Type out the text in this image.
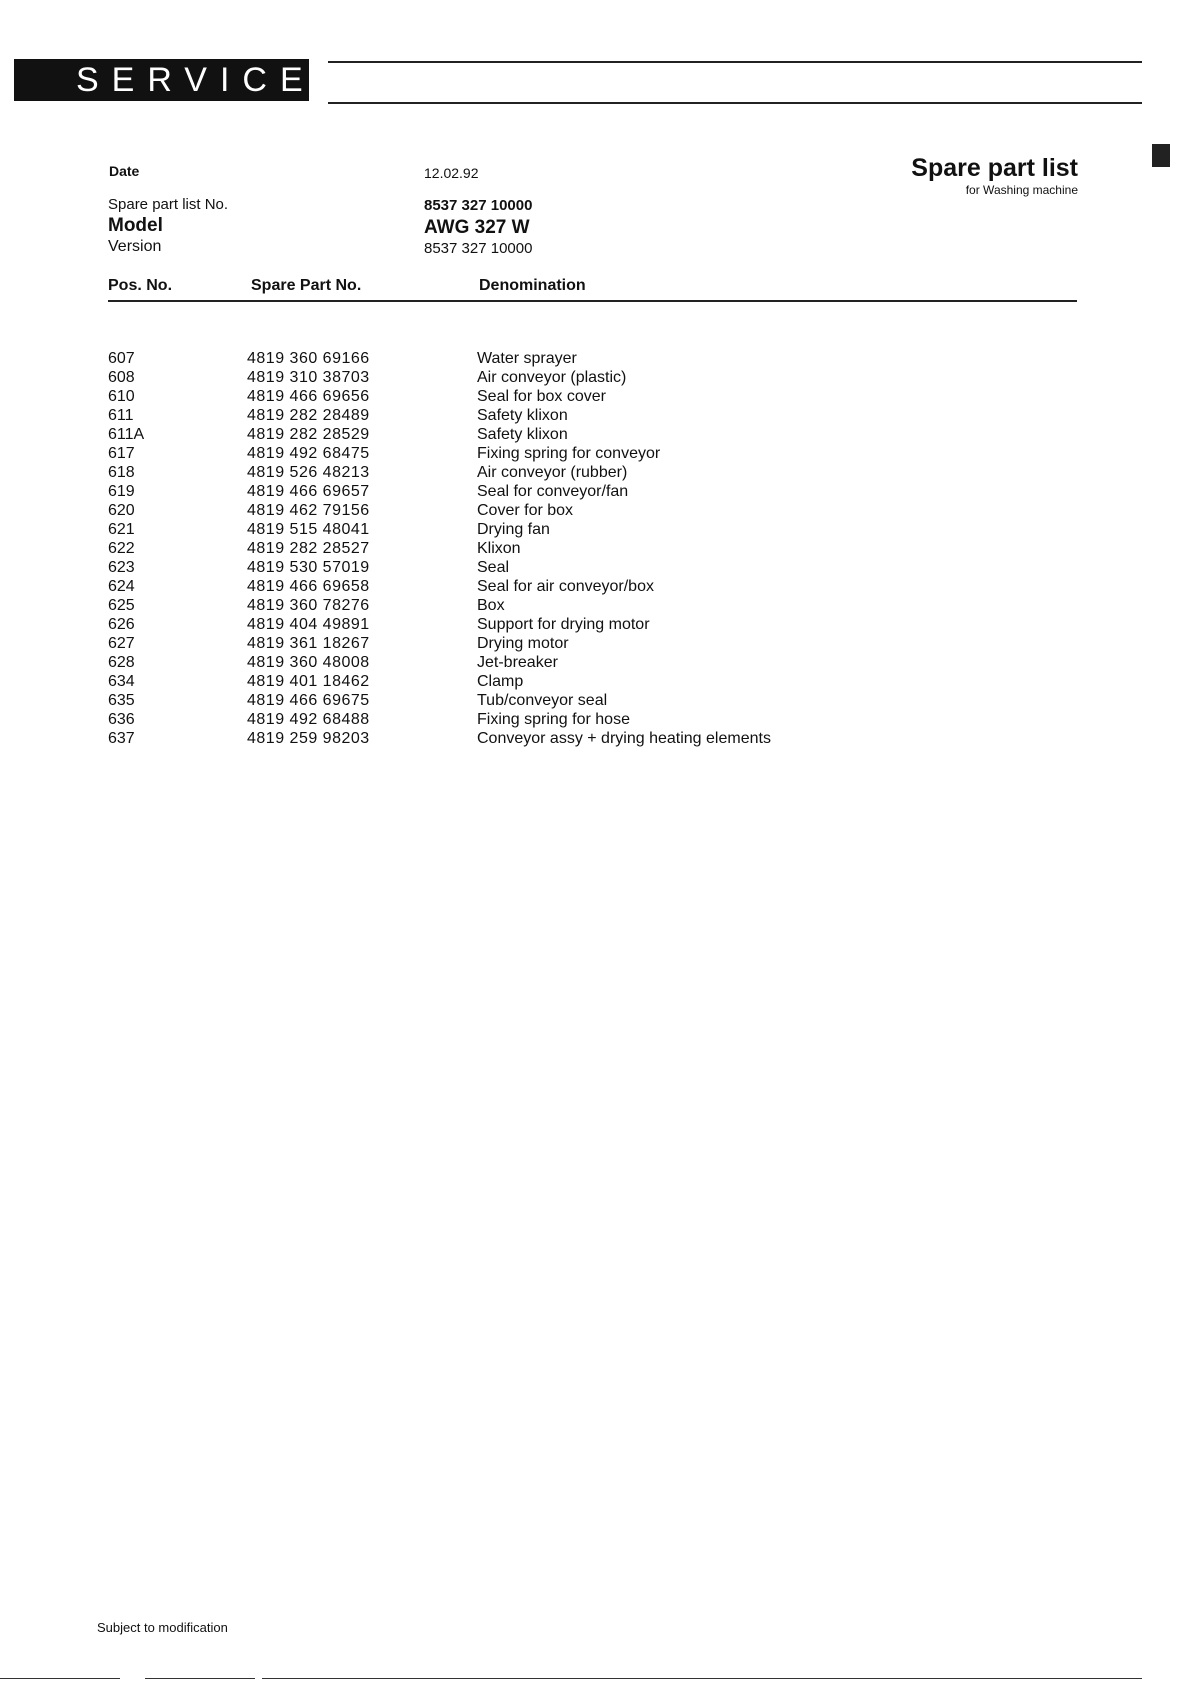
SERVICE
Spare part list
for Washing machine
Date	12.02.92
Spare part list No.	8537 327 10000
Model	AWG 327 W
Version	8537 327 10000
Pos. No.	Spare Part No.	Denomination
607	4819 360 69166	Water sprayer
608	4819 310 38703	Air conveyor (plastic)
610	4819 466 69656	Seal for box cover
611	4819 282 28489	Safety klixon
611A	4819 282 28529	Safety klixon
617	4819 492 68475	Fixing spring for conveyor
618	4819 526 48213	Air conveyor (rubber)
619	4819 466 69657	Seal for conveyor/fan
620	4819 462 79156	Cover for box
621	4819 515 48041	Drying fan
622	4819 282 28527	Klixon
623	4819 530 57019	Seal
624	4819 466 69658	Seal for air conveyor/box
625	4819 360 78276	Box
626	4819 404 49891	Support for drying motor
627	4819 361 18267	Drying motor
628	4819 360 48008	Jet-breaker
634	4819 401 18462	Clamp
635	4819 466 69675	Tub/conveyor seal
636	4819 492 68488	Fixing spring for hose
637	4819 259 98203	Conveyor assy + drying heating elements
Subject to modification
